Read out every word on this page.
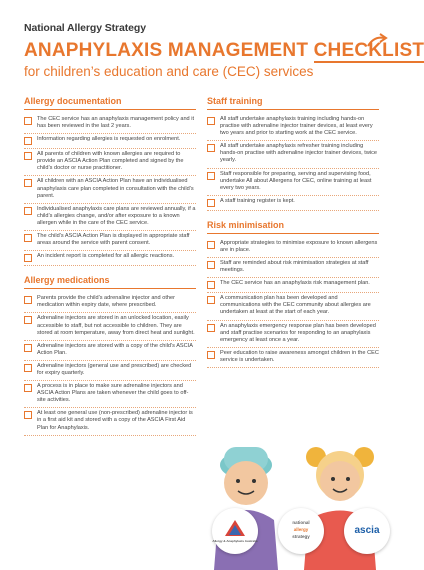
National Allergy Strategy
ANAPHYLAXIS MANAGEMENT CHECKLIST
for children’s education and care (CEC) services
Allergy documentation
The CEC service has an anaphylaxis management policy and it has been reviewed in the last 2 years.
Information regarding allergies is requested on enrolment.
All parents of children with known allergies are required to provide an ASCIA Action Plan completed and signed by the child’s doctor or nurse practitioner.
All children with an ASCIA Action Plan have an individualised anaphylaxis care plan completed in consultation with the child’s parent.
Individualised anaphylaxis care plans are reviewed annually, if a child’s allergies change, and/or after exposure to a known allergen while in the care of the CEC service.
The child’s ASCIA Action Plan is displayed in appropriate staff areas around the service with parent consent.
An incident report is completed for all allergic reactions.
Allergy medications
Parents provide the child’s adrenaline injector and other medication within expiry date, where prescribed.
Adrenaline injectors are stored in an unlocked location, easily accessible to staff, but not accessible to children. They are stored at room temperature, away from direct heat and sunlight.
Adrenaline injectors are stored with a copy of the child’s ASCIA Action Plan.
Adrenaline injectors (general use and prescribed) are checked for expiry quarterly.
A process is in place to make sure adrenaline injectors and ASCIA Action Plans are taken whenever the child goes to off-site activities.
At least one general use (non-prescribed) adrenaline injector is in a first aid kit and stored with a copy of the ASCIA First Aid Plan for Anaphylaxis.
Staff training
All staff undertake anaphylaxis training including hands-on practise with adrenaline injector trainer devices, at least every two years and prior to starting work at the CEC service.
All staff undertake anaphylaxis refresher training including hands-on practise with adrenaline injector trainer devices, twice yearly.
Staff responsible for preparing, serving and supervising food, undertake All about Allergens for CEC, online training at least every two years.
A staff training register is kept.
Risk minimisation
Appropriate strategies to minimise exposure to known allergens are in place.
Staff are reminded about risk minimisation strategies at staff meetings.
The CEC service has an anaphylaxis risk management plan.
A communication plan has been developed and communications with the CEC community about allergies are undertaken at least at the start of each year.
An anaphylaxis emergency response plan has been developed and staff practise scenarios for responding to an anaphylaxis emergency at least once a year.
Peer education to raise awareness amongst children in the CEC service is undertaken.
Allergy & Anaphylaxis Australia
national
allergy
strategy
ascia
